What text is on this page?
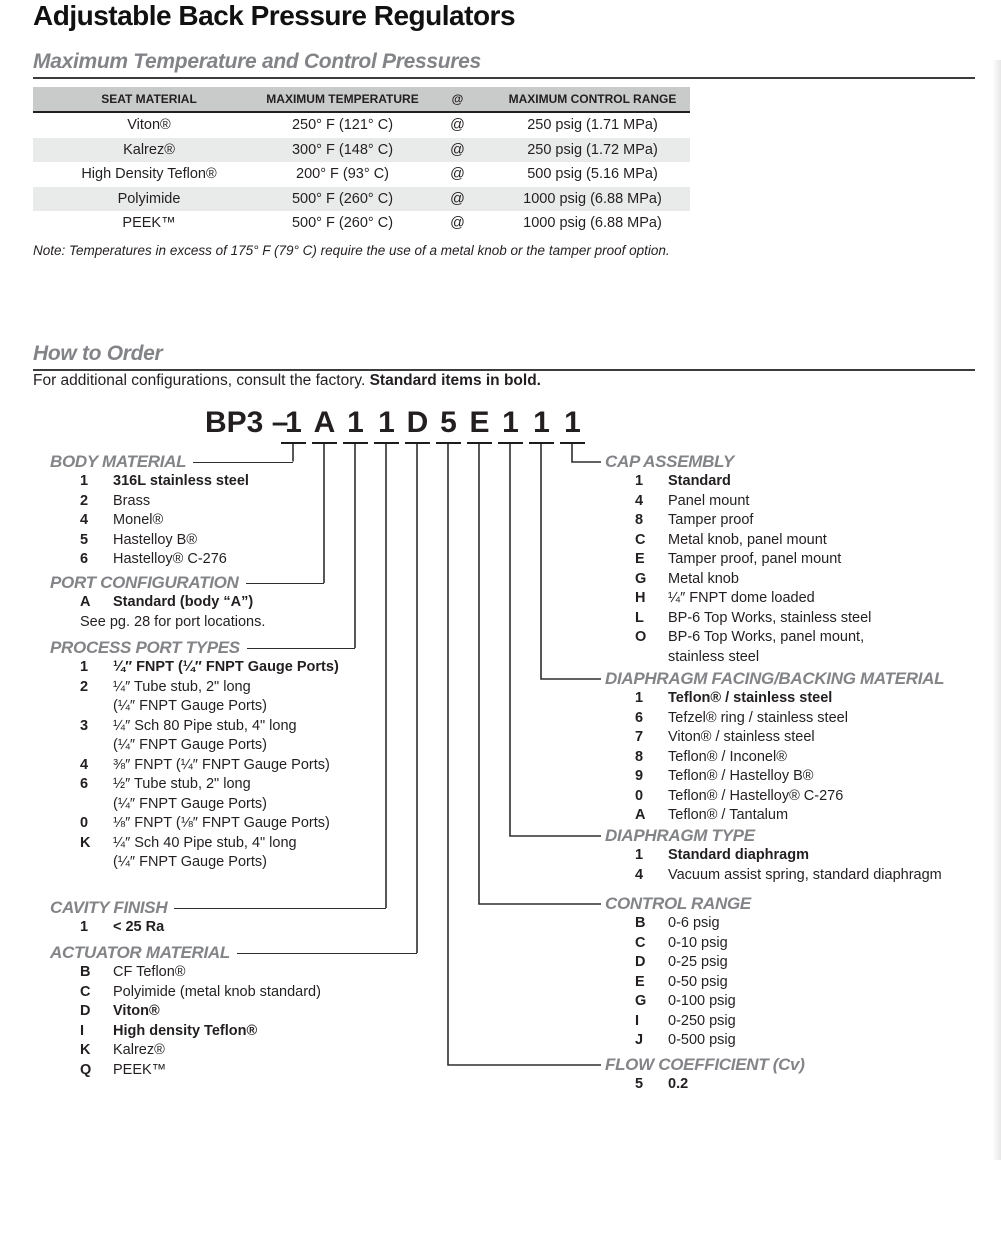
Adjustable Back Pressure Regulators
Maximum Temperature and Control Pressures
SEAT MATERIAL	MAXIMUM TEMPERATURE	@	MAXIMUM CONTROL RANGE
Viton®	250° F (121° C)	@	250 psig (1.71 MPa)
Kalrez®	300° F (148° C)	@	250 psig (1.72 MPa)
High Density Teflon®	200° F (93° C)	@	500 psig (5.16 MPa)
Polyimide	500° F (260° C)	@	1000 psig (6.88 MPa)
PEEK™	500° F (260° C)	@	1000 psig (6.88 MPa)
Note: Temperatures in excess of 175° F (79° C) require the use of a metal knob or the tamper proof option.
How to Order
For additional configurations, consult the factory. Standard items in bold.
BP3 –
1 A 1 1 D 5 E 1 1 1
BODY MATERIAL
1	316L stainless steel
2	Brass
4	Monel®
5	Hastelloy B®
6	Hastelloy® C-276
PORT CONFIGURATION
A	Standard (body “A”)
See pg. 28 for port locations.
PROCESS PORT TYPES
1	¼″ FNPT (¼″ FNPT Gauge Ports)
2	¼″ Tube stub, 2" long
(¼″ FNPT Gauge Ports)
3	¼″ Sch 80 Pipe stub, 4" long
(¼″ FNPT Gauge Ports)
4	⅜″ FNPT (¼″ FNPT Gauge Ports)
6	½″ Tube stub, 2" long
(¼″ FNPT Gauge Ports)
0	⅛″ FNPT (⅛″ FNPT Gauge Ports)
K	¼″ Sch 40 Pipe stub, 4" long
(¼″ FNPT Gauge Ports)
CAVITY FINISH
1	< 25 Ra
ACTUATOR MATERIAL
B	CF Teflon®
C	Polyimide (metal knob standard)
D	Viton®
I	High density Teflon®
K	Kalrez®
Q	PEEK™
CAP ASSEMBLY
1	Standard
4	Panel mount
8	Tamper proof
C	Metal knob, panel mount
E	Tamper proof, panel mount
G	Metal knob
H	¼″ FNPT dome loaded
L	BP-6 Top Works, stainless steel
O	BP-6 Top Works, panel mount,
stainless steel
DIAPHRAGM FACING/BACKING MATERIAL
1	Teflon® / stainless steel
6	Tefzel® ring / stainless steel
7	Viton® / stainless steel
8	Teflon® / Inconel®
9	Teflon® / Hastelloy B®
0	Teflon® / Hastelloy® C-276
A	Teflon® / Tantalum
DIAPHRAGM TYPE
1	Standard diaphragm
4	Vacuum assist spring, standard diaphragm
CONTROL RANGE
B	0-6 psig
C	0-10 psig
D	0-25 psig
E	0-50 psig
G	0-100 psig
I	0-250 psig
J	0-500 psig
FLOW COEFFICIENT (Cv)
5	0.2
